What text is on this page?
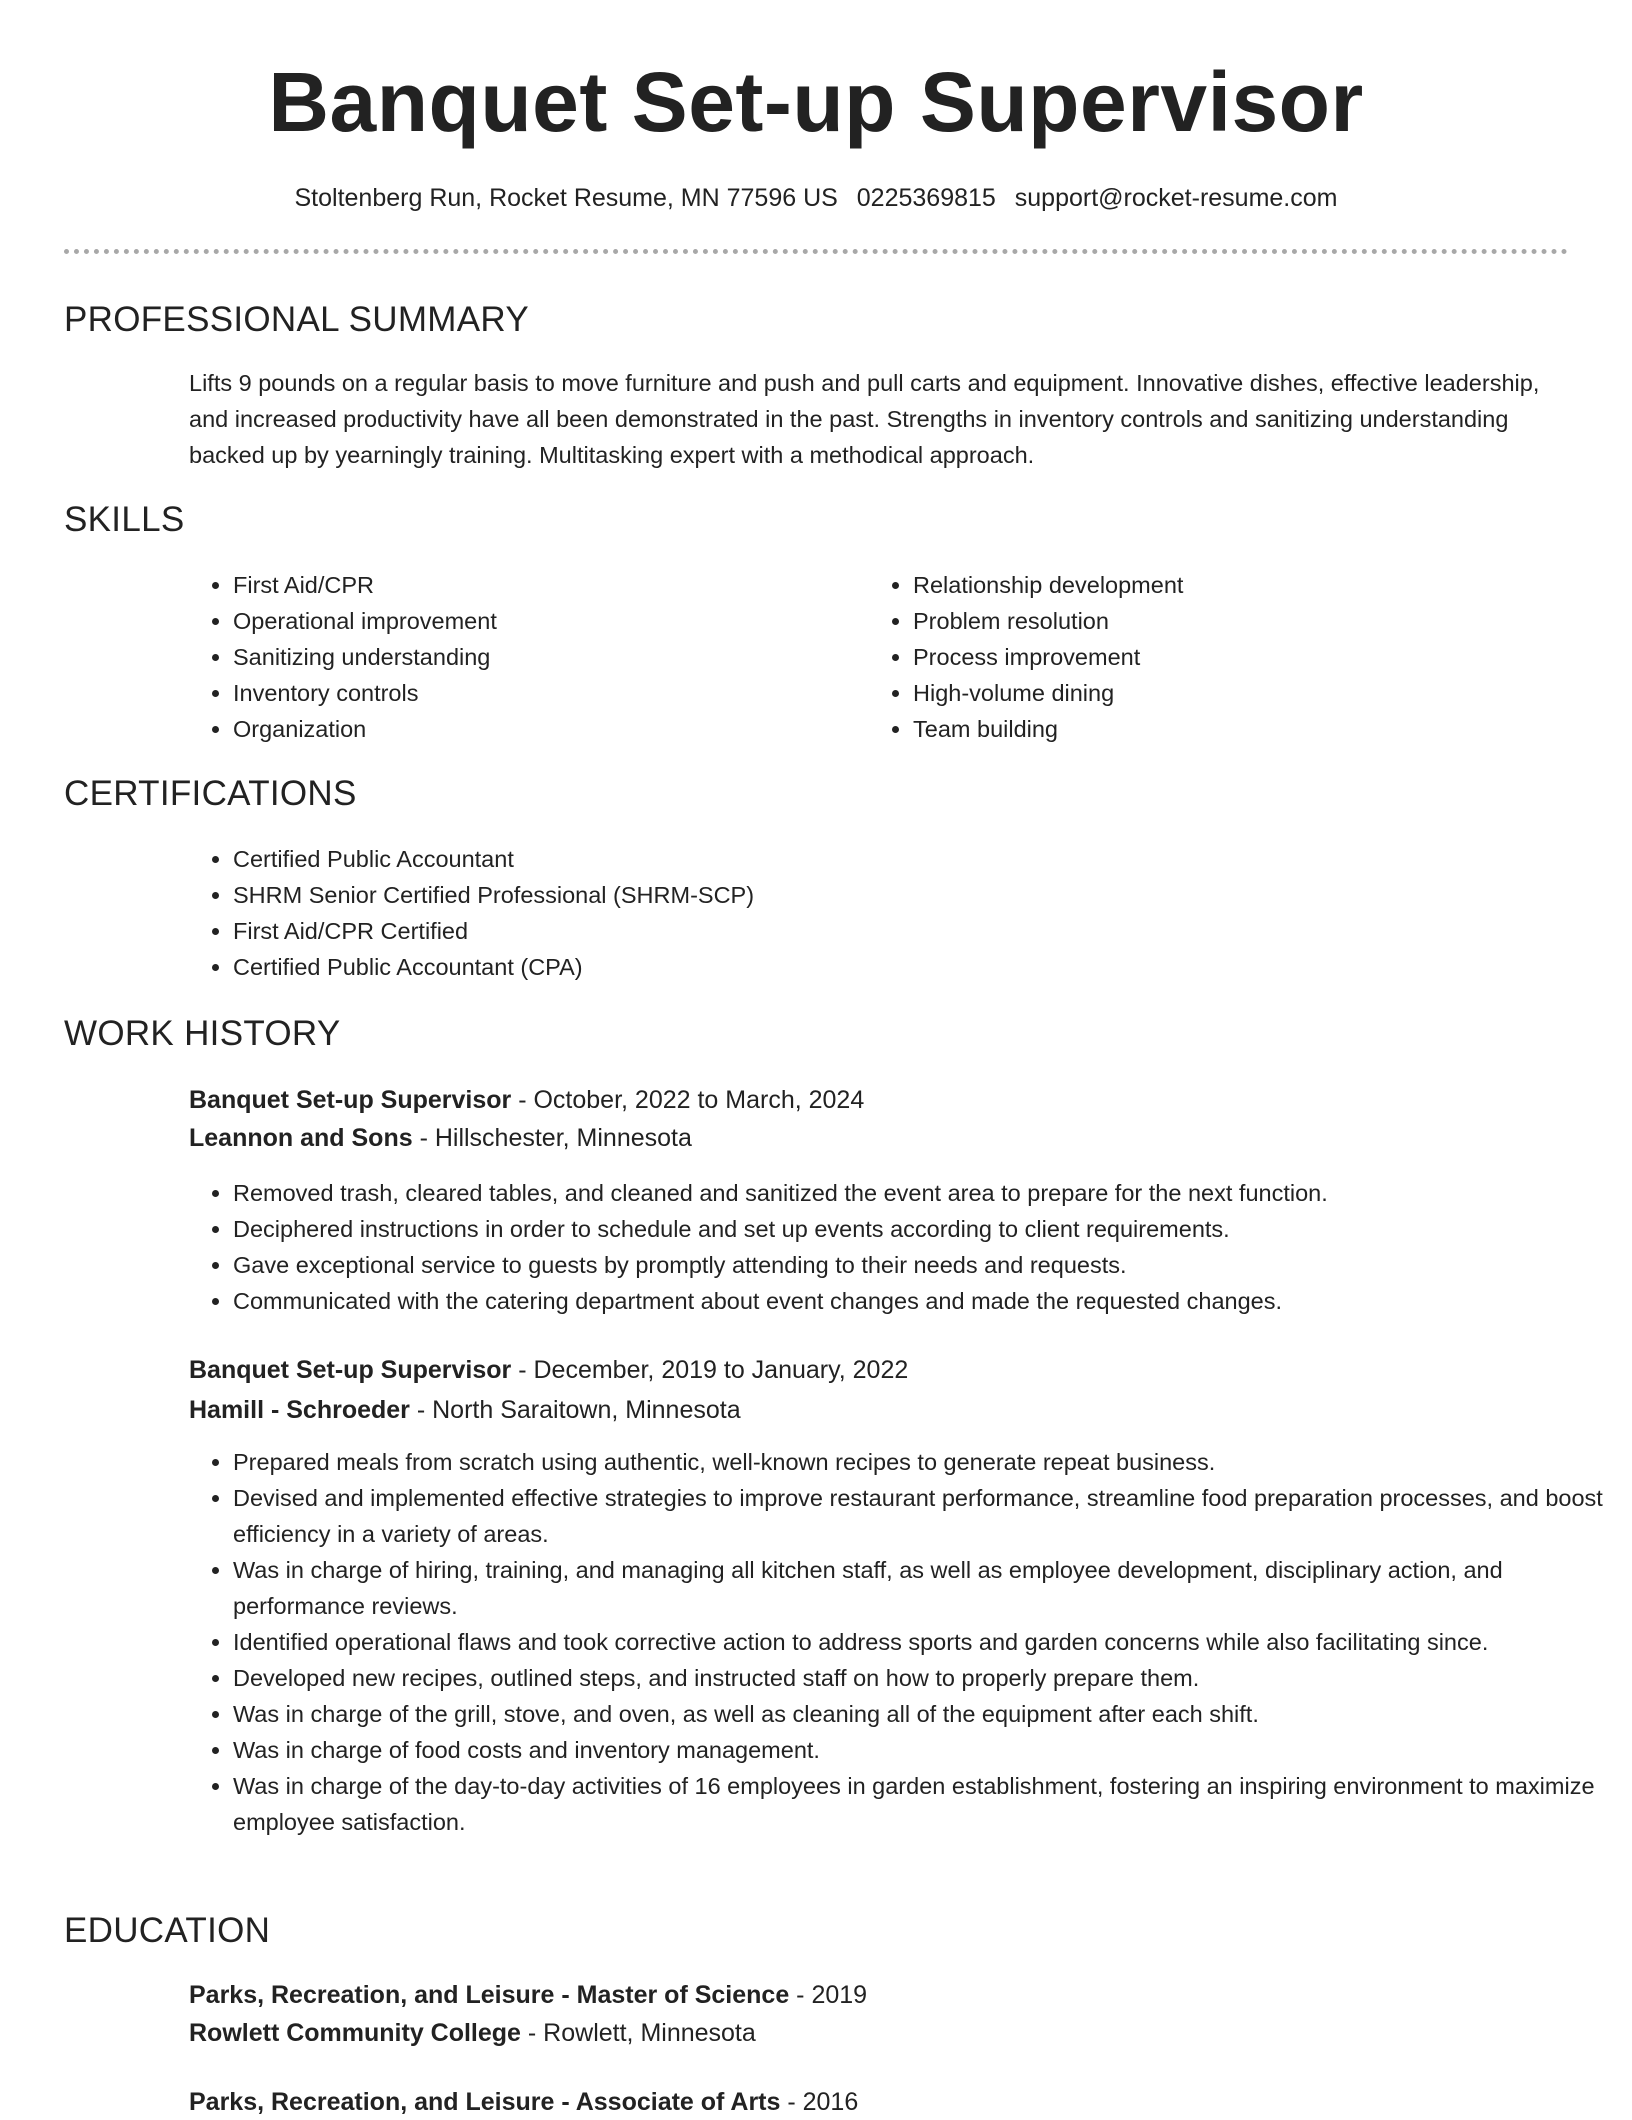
Banquet Set-up Supervisor
Stoltenberg Run, Rocket Resume, MN 77596 US 0225369815 support@rocket-resume.com
PROFESSIONAL SUMMARY

Lifts 9 pounds on a regular basis to move furniture and push and pull carts and equipment. Innovative dishes, effective leadership, and increased productivity have all been demonstrated in the past. Strengths in inventory controls and sanitizing understanding backed up by yearningly training. Multitasking expert with a methodical approach.

SKILLS
• First Aid/CPR
• Operational improvement
• Sanitizing understanding
• Inventory controls
• Organization
• Relationship development
• Problem resolution
• Process improvement
• High-volume dining
• Team building
CERTIFICATIONS
• Certified Public Accountant
• SHRM Senior Certified Professional (SHRM-SCP)
• First Aid/CPR Certified
• Certified Public Accountant (CPA)
WORK HISTORY
Banquet Set-up Supervisor - October, 2022 to March, 2024
Leannon and Sons - Hillschester, Minnesota
• Removed trash, cleared tables, and cleaned and sanitized the event area to prepare for the next function.
• Deciphered instructions in order to schedule and set up events according to client requirements.
• Gave exceptional service to guests by promptly attending to their needs and requests.
• Communicated with the catering department about event changes and made the requested changes.
Banquet Set-up Supervisor - December, 2019 to January, 2022
Hamill - Schroeder - North Saraitown, Minnesota
• Prepared meals from scratch using authentic, well-known recipes to generate repeat business.
• Devised and implemented effective strategies to improve restaurant performance, streamline food preparation processes, and boost efficiency in a variety of areas.
• Was in charge of hiring, training, and managing all kitchen staff, as well as employee development, disciplinary action, and performance reviews.
• Identified operational flaws and took corrective action to address sports and garden concerns while also facilitating since.
• Developed new recipes, outlined steps, and instructed staff on how to properly prepare them.
• Was in charge of the grill, stove, and oven, as well as cleaning all of the equipment after each shift.
• Was in charge of food costs and inventory management.
• Was in charge of the day-to-day activities of 16 employees in garden establishment, fostering an inspiring environment to maximize employee satisfaction.
EDUCATION
Parks, Recreation, and Leisure - Master of Science - 2019
Rowlett Community College - Rowlett, Minnesota
Parks, Recreation, and Leisure - Associate of Arts - 2016
